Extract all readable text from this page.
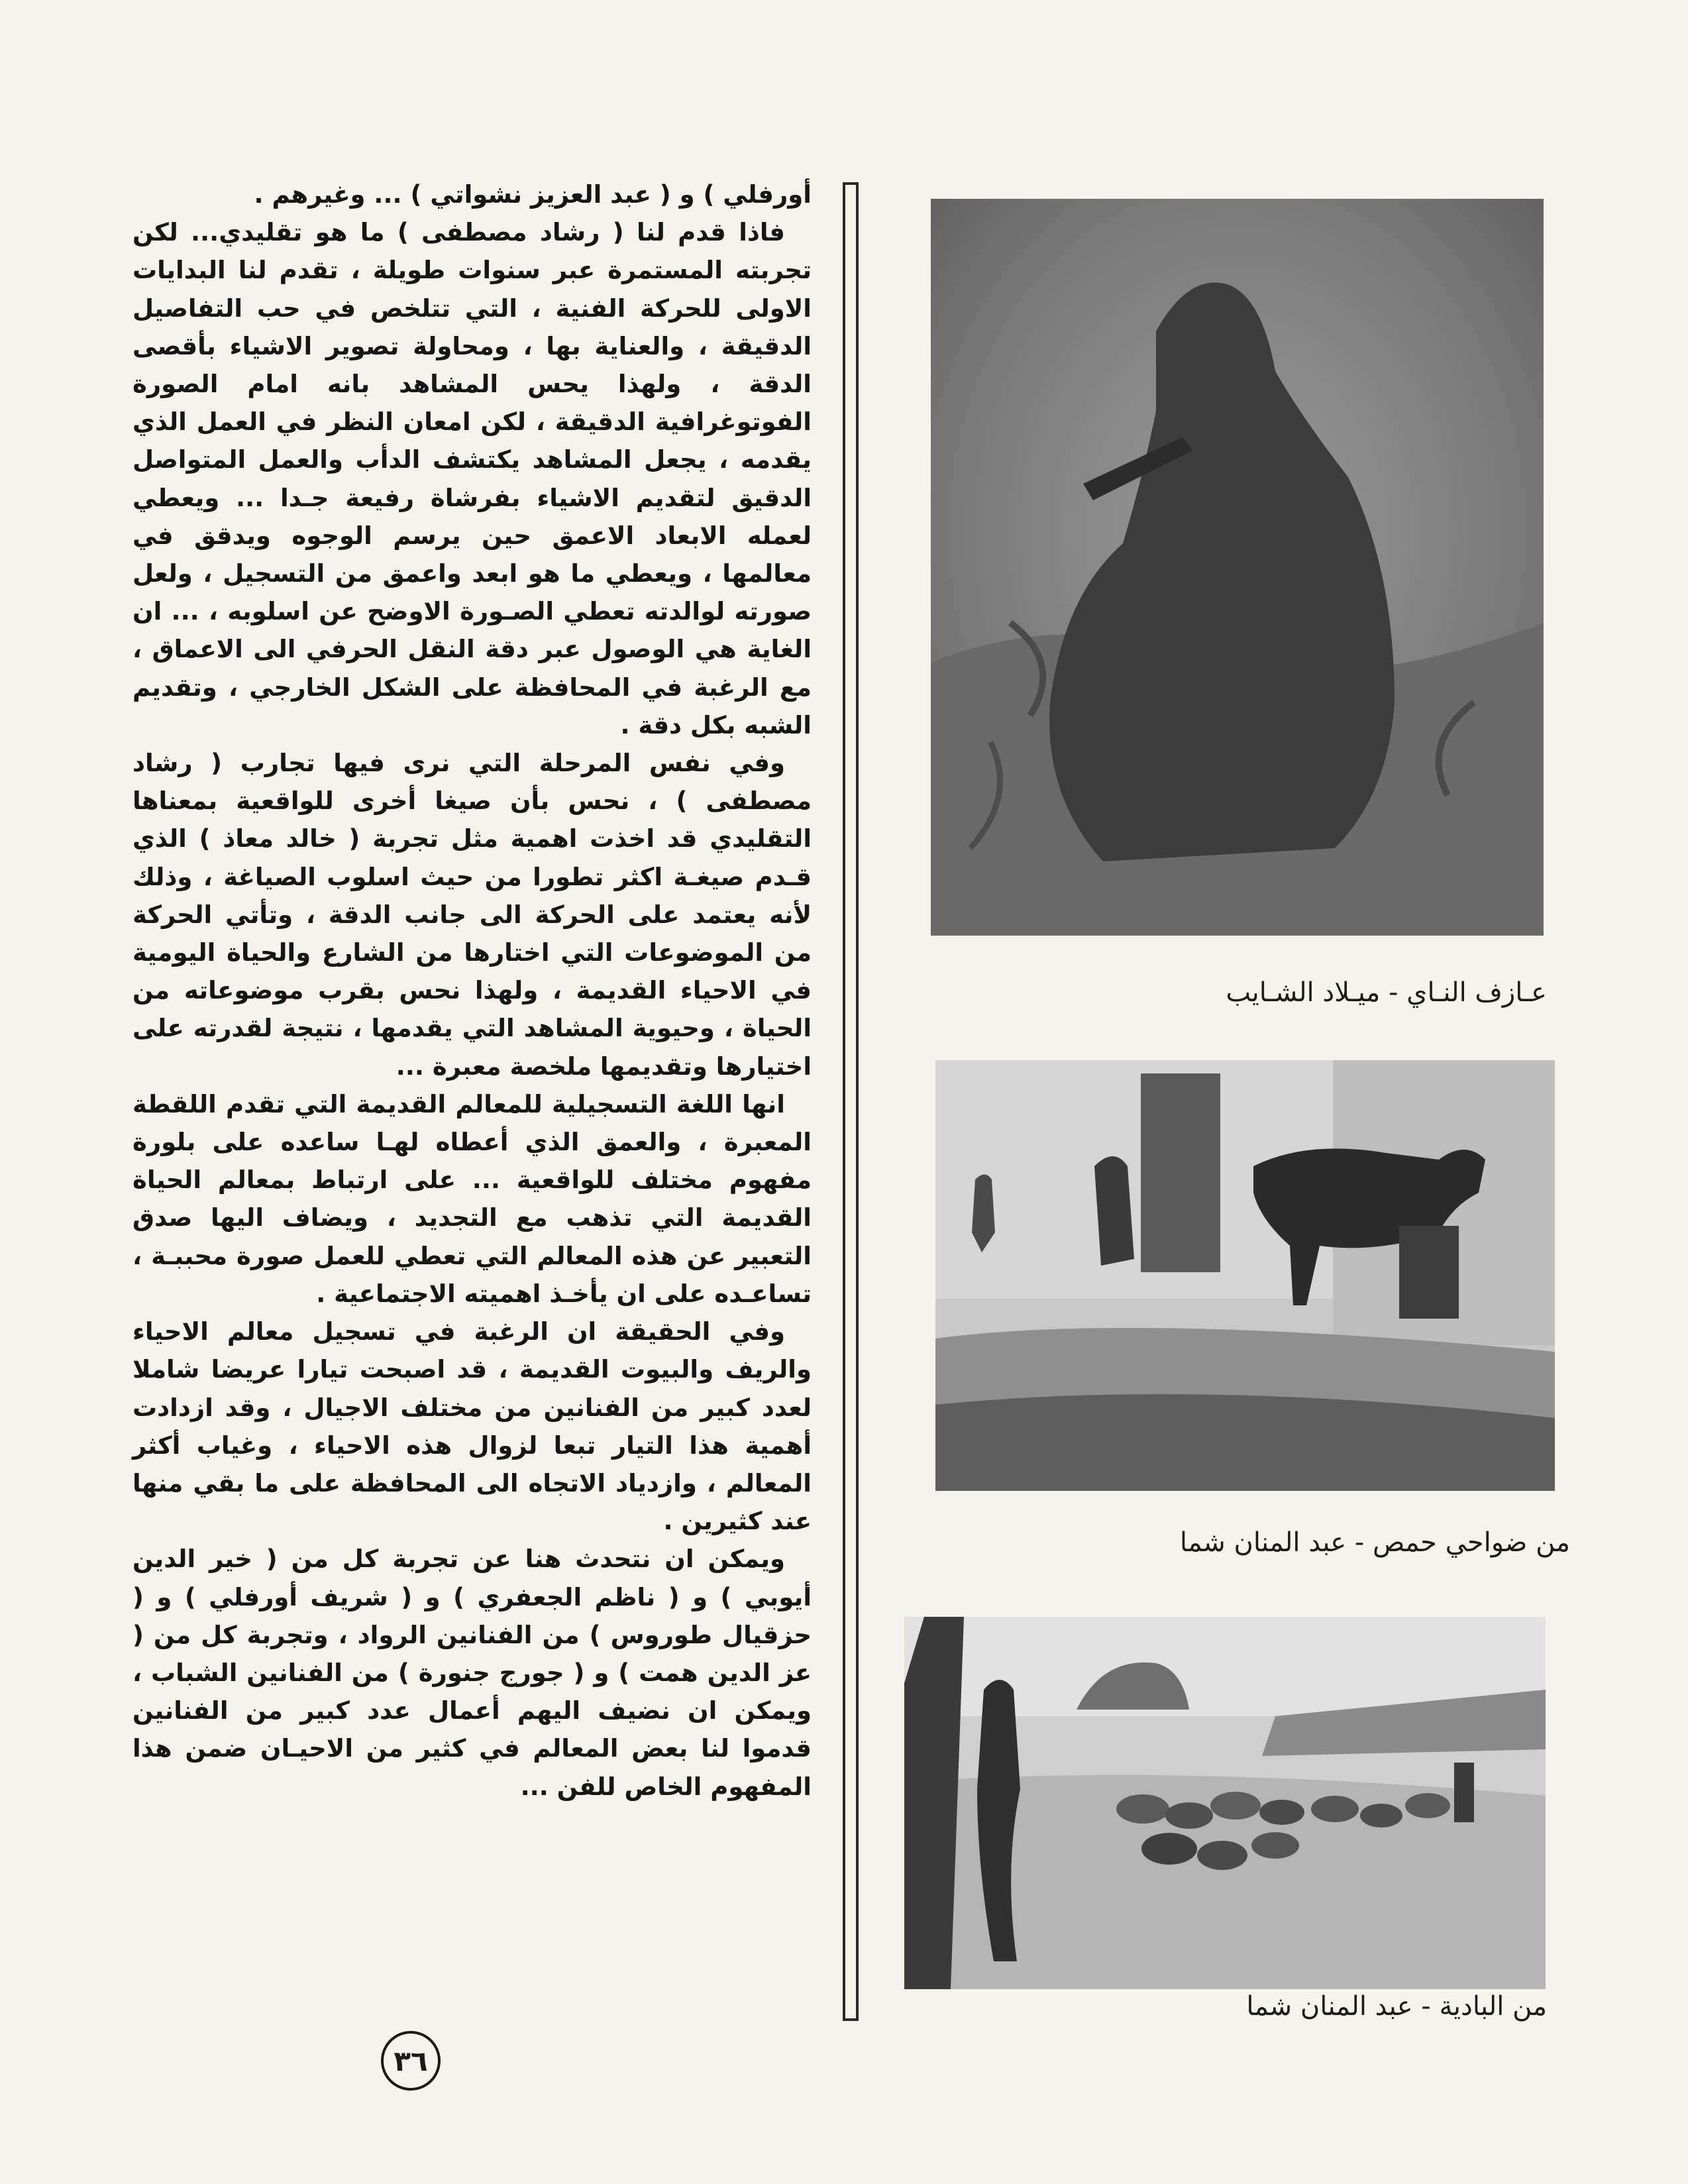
أورفلي ) و ( عبد العزيز نشواتي ) ... وغيرهم .

فاذا قدم لنا ( رشاد مصطفى ) ما هو تقليدي... لكن تجربته المستمرة عبر سنوات طويلة ، تقدم لنا البدايات الاولى للحركة الفنية ، التي تتلخص في حب التفاصيل الدقيقة ، والعناية بها ، ومحاولة تصوير الاشياء بأقصى الدقة ، ولهذا يحس المشاهد بانه امام الصورة الفوتوغرافية الدقيقة ، لكن امعان النظر في العمل الذي يقدمه ، يجعل المشاهد يكتشف الدأب والعمل المتواصل الدقيق لتقديم الاشياء بفرشاة رفيعة جـدا ... ويعطي لعمله الابعاد الاعمق حين يرسم الوجوه ويدقق في معالمها ، ويعطي ما هو ابعد واعمق من التسجيل ، ولعل صورته لوالدته تعطي الصـورة الاوضح عن اسلوبه ، ... ان الغاية هي الوصول عبر دقة النقل الحرفي الى الاعماق ، مع الرغبة في المحافظة على الشكل الخارجي ، وتقديم الشبه بكل دقة .

وفي نفس المرحلة التي نرى فيها تجارب ( رشاد مصطفى ) ، نحس بأن صيغا أخرى للواقعية بمعناها التقليدي قد اخذت اهمية مثل تجربة ( خالد معاذ ) الذي قـدم صيغـة اكثر تطورا من حيث اسلوب الصياغة ، وذلك لأنه يعتمد على الحركة الى جانب الدقة ، وتأتي الحركة من الموضوعات التي اختارها من الشارع والحياة اليومية في الاحياء القديمة ، ولهذا نحس بقرب موضوعاته من الحياة ، وحيوية المشاهد التي يقدمها ، نتيجة لقدرته على اختيارها وتقديمها ملخصة معبرة ...

انها اللغة التسجيلية للمعالم القديمة التي تقدم اللقطة المعبرة ، والعمق الذي أعطاه لهـا ساعده على بلورة مفهوم مختلف للواقعية ... على ارتباط بمعالم الحياة القديمة التي تذهب مع التجديد ، ويضاف اليها صدق التعبير عن هذه المعالم التي تعطي للعمل صورة محببـة ، تساعـده على ان يأخـذ اهميته الاجتماعية .

وفي الحقيقة ان الرغبة في تسجيل معالم الاحياء والريف والبيوت القديمة ، قد اصبحت تيارا عريضا شاملا لعدد كبير من الفنانين من مختلف الاجيال ، وقد ازدادت أهمية هذا التيار تبعا لزوال هذه الاحياء ، وغياب أكثر المعالم ، وازدياد الاتجاه الى المحافظة على ما بقي منها عند كثيرين .

ويمكن ان نتحدث هنا عن تجربة كل من ( خير الدين أيوبي ) و ( ناظم الجعفري ) و ( شريف أورفلي ) و ( حزقيال طوروس ) من الفنانين الرواد ، وتجربة كل من ( عز الدين همت ) و ( جورج جنورة ) من الفنانين الشباب ، ويمكن ان نضيف اليهم أعمال عدد كبير من الفنانين قدموا لنا بعض المعالم في كثير من الاحيـان ضمن هذا المفهوم الخاص للفن ...

عـازف النـاي - ميـلاد الشـايب
من ضواحي حمص - عبد المنان شما
من البادية - عبد المنان شما
٣٦
